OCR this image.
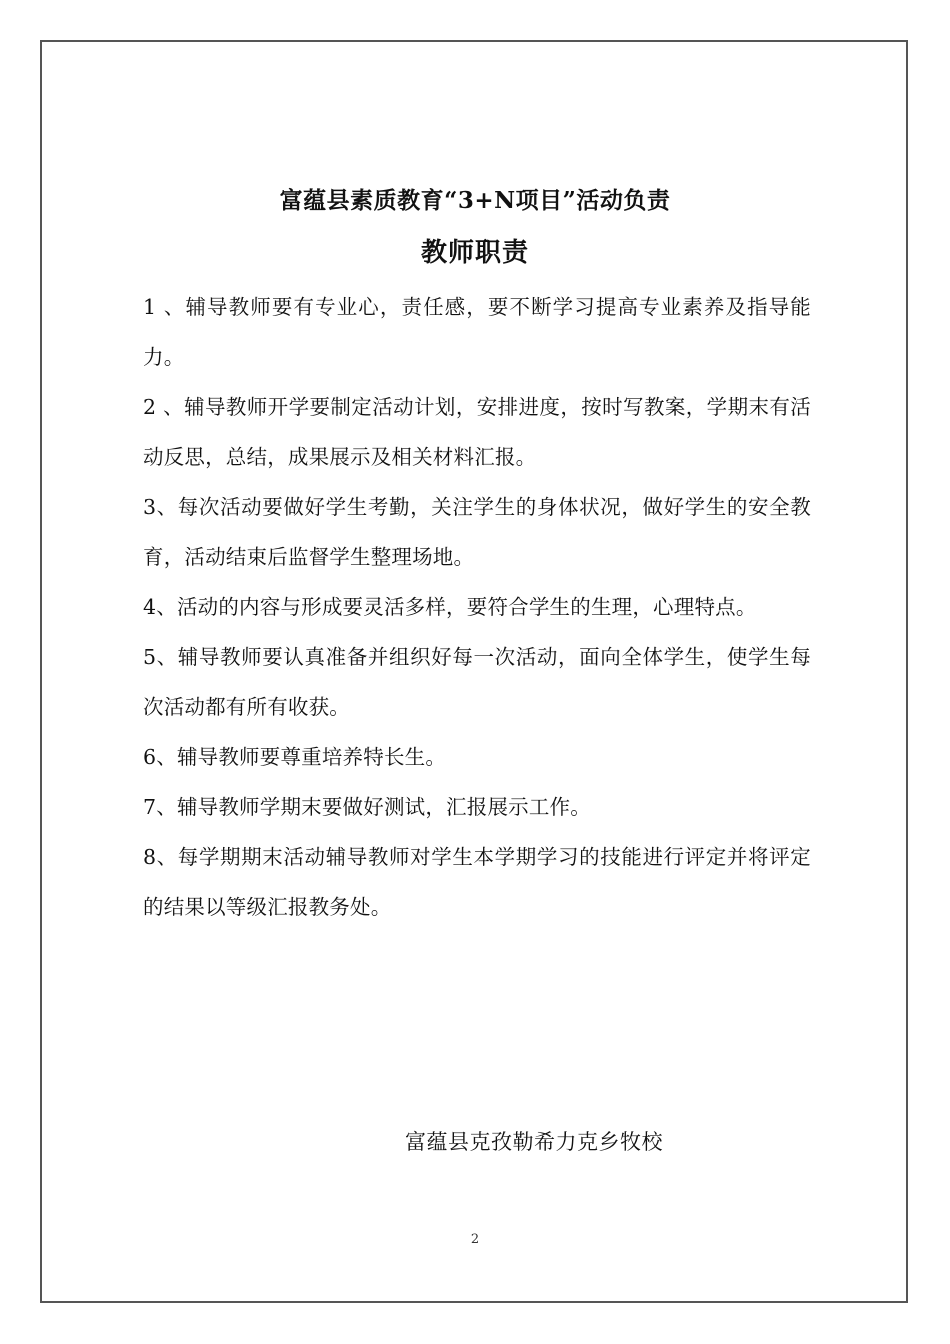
富蕴县素质教育“3+N项目”活动负责
教师职责

1 、辅导教师要有专业心，责任感，要不断学习提高专业素养及指导能力。

2 、辅导教师开学要制定活动计划，安排进度，按时写教案，学期末有活动反思，总结，成果展示及相关材料汇报。

3、每次活动要做好学生考勤，关注学生的身体状况，做好学生的安全教育，活动结束后监督学生整理场地。

4、活动的内容与形成要灵活多样，要符合学生的生理，心理特点。

5、辅导教师要认真准备并组织好每一次活动，面向全体学生，使学生每次活动都有所有收获。

6、辅导教师要尊重培养特长生。

7、辅导教师学期末要做好测试，汇报展示工作。

8、每学期期末活动辅导教师对学生本学期学习的技能进行评定并将评定的结果以等级汇报教务处。

富蕴县克孜勒希力克乡牧校
2
